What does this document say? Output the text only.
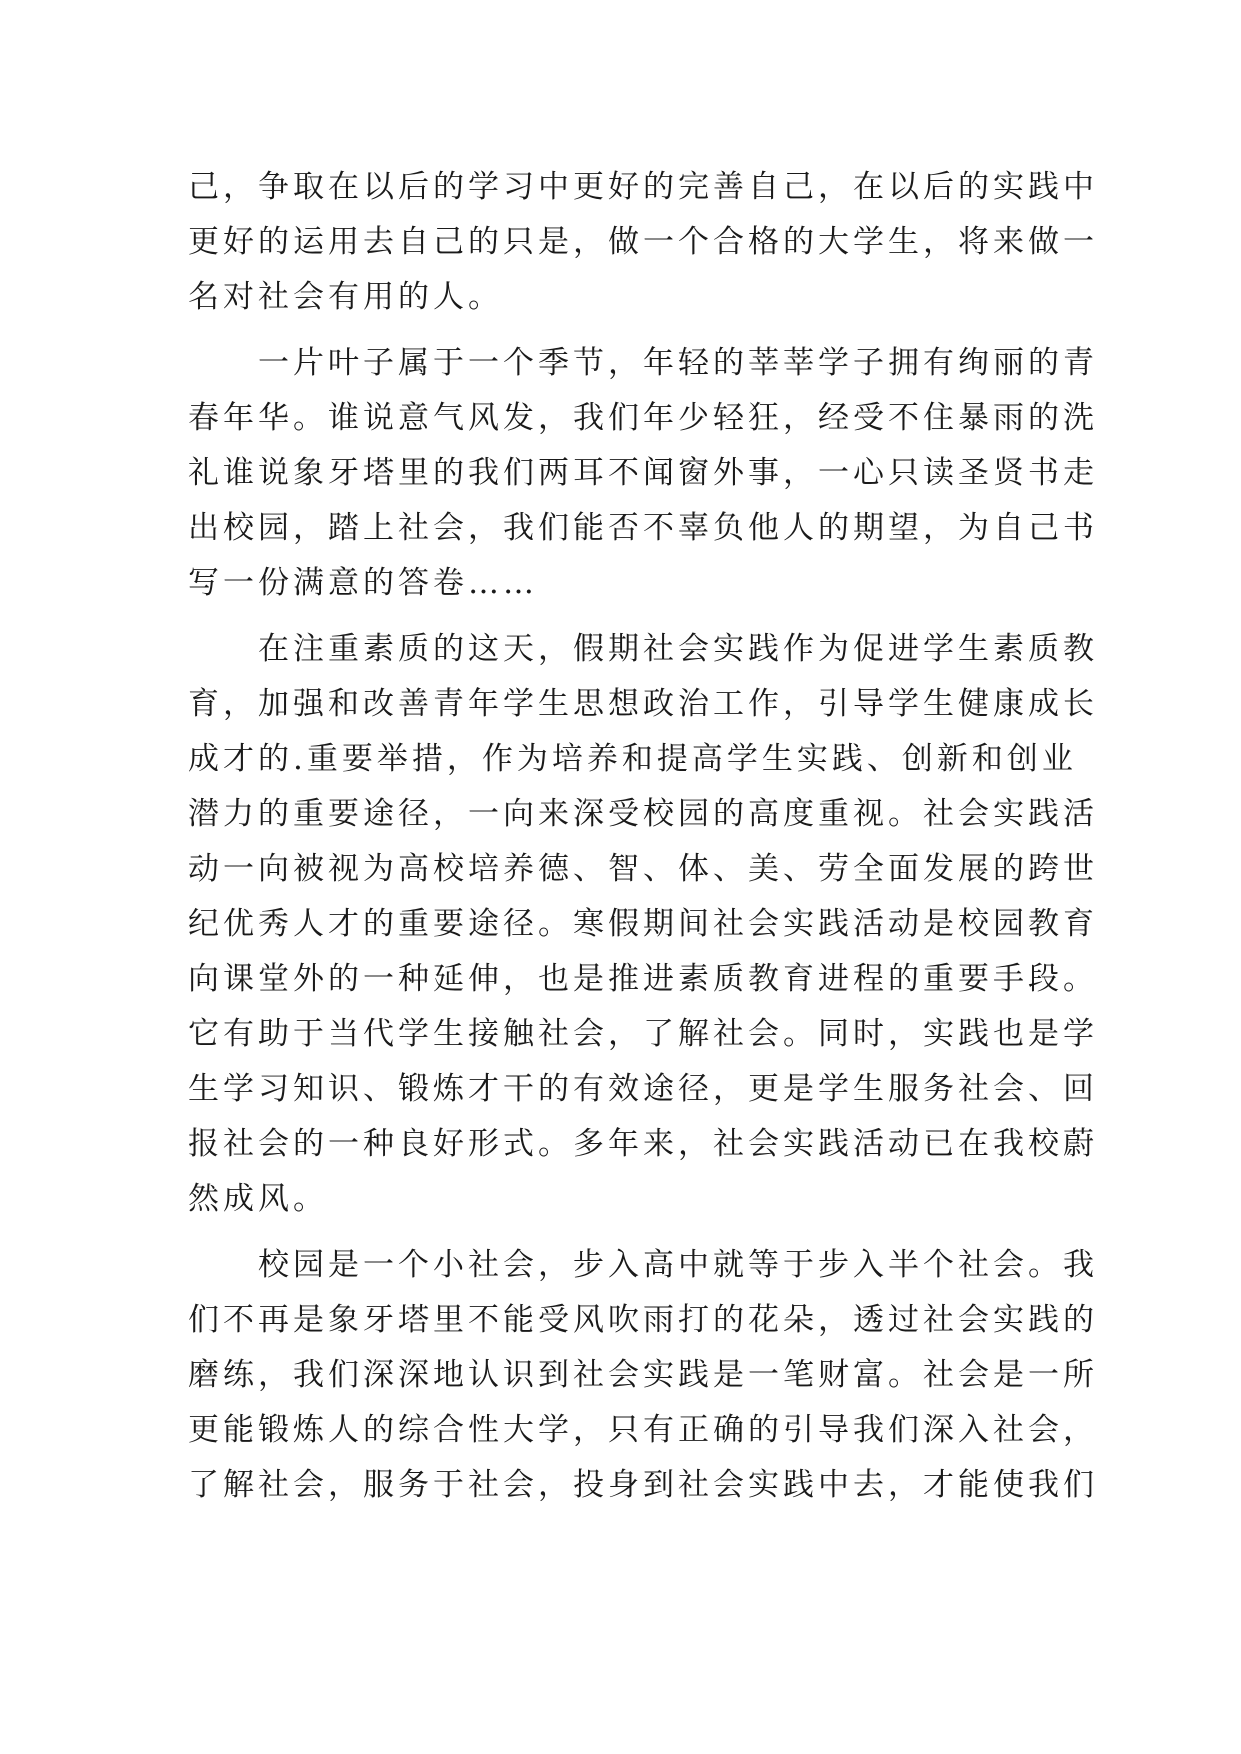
己，争取在以后的学习中更好的完善自己，在以后的实践中
更好的运用去自己的只是，做一个合格的大学生，将来做一
名对社会有用的人。
一片叶子属于一个季节，年轻的莘莘学子拥有绚丽的青
春年华。谁说意气风发，我们年少轻狂，经受不住暴雨的洗
礼谁说象牙塔里的我们两耳不闻窗外事，一心只读圣贤书走
出校园，踏上社会，我们能否不辜负他人的期望，为自己书
写一份满意的答卷……
在注重素质的这天，假期社会实践作为促进学生素质教
育，加强和改善青年学生思想政治工作，引导学生健康成长
成才的.重要举措，作为培养和提高学生实践、创新和创业
潜力的重要途径，一向来深受校园的高度重视。社会实践活
动一向被视为高校培养德、智、体、美、劳全面发展的跨世
纪优秀人才的重要途径。寒假期间社会实践活动是校园教育
向课堂外的一种延伸，也是推进素质教育进程的重要手段。
它有助于当代学生接触社会，了解社会。同时，实践也是学
生学习知识、锻炼才干的有效途径，更是学生服务社会、回
报社会的一种良好形式。多年来，社会实践活动已在我校蔚
然成风。
校园是一个小社会，步入高中就等于步入半个社会。我
们不再是象牙塔里不能受风吹雨打的花朵，透过社会实践的
磨练，我们深深地认识到社会实践是一笔财富。社会是一所
更能锻炼人的综合性大学，只有正确的引导我们深入社会，
了解社会，服务于社会，投身到社会实践中去，才能使我们
